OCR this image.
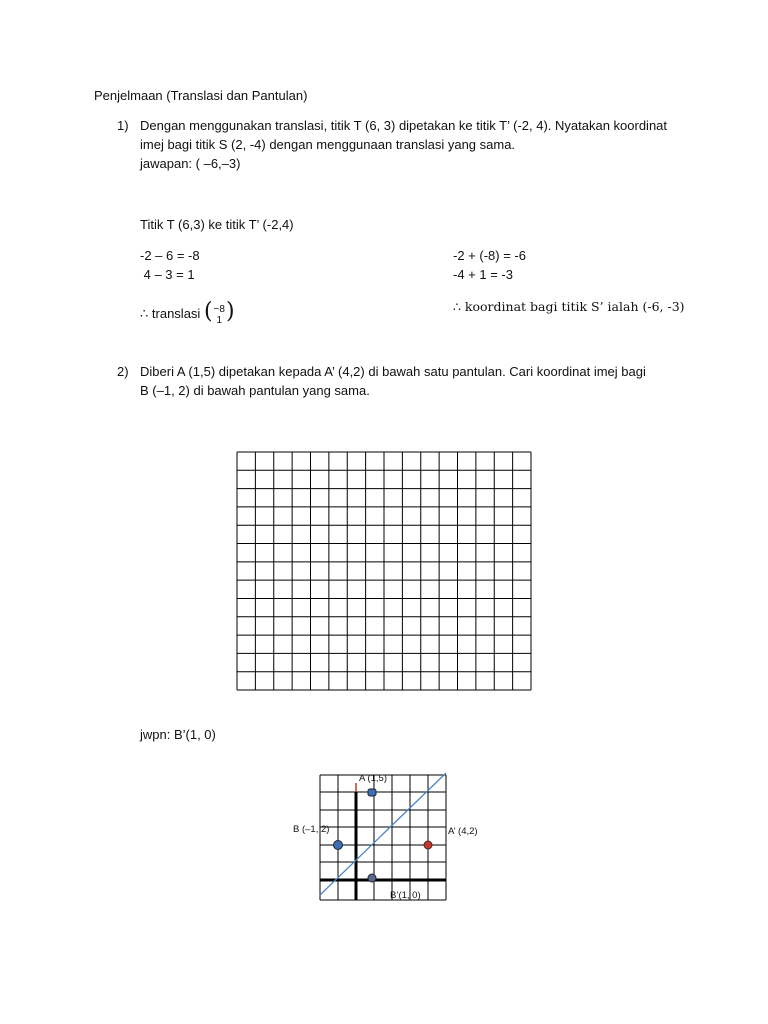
Penjelmaan (Translasi dan Pantulan)
1) Dengan menggunakan translasi, titik T (6, 3) dipetakan ke titik T’ (-2, 4). Nyatakan koordinat
imej bagi titik S (2, -4) dengan menggunaan translasi yang sama.
jawapan: ( –6,–3)
Titik T (6,3) ke titik T’ (-2,4)
-2 – 6 = -8
4 – 3 = 1
-2 + (-8) = -6
-4 + 1 = -3
∴ translasi ( −8
1 )	∴ koordinat bagi titik S’ ialah (-6, -3)
2) Diberi A (1,5) dipetakan kepada A’ (4,2) di bawah satu pantulan. Cari koordinat imej bagi
B (–1, 2) di bawah pantulan yang sama.
jwpn: B’(1, 0)
A (1,5)
A’ (4,2)
B (–1, 2)
B’(1, 0)
